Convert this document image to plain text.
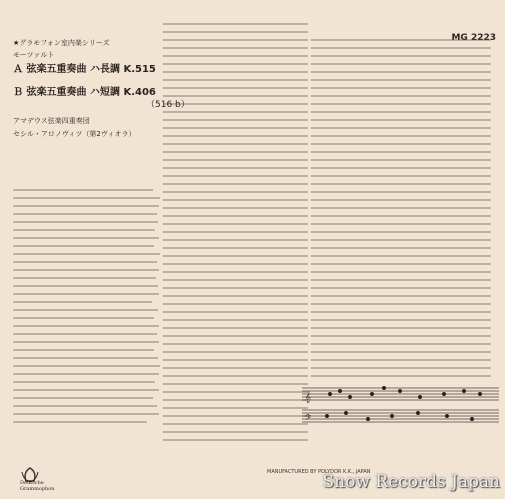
★グラモフォン室内楽シリーズ
モーツァルト
Ａ 弦楽五重奏曲 ハ長調 K.515
Ｂ 弦楽五重奏曲 ハ短調 K.406
（516 b）
アマデウス弦楽四重奏団
セシル・アロノヴィツ（第2ヴィオラ）
MG 2223
𝄞
𝄢
MANUFACTURED BY POLYDOR K.K., JAPAN
Deutsche Grammophon	Snow Records Japan
